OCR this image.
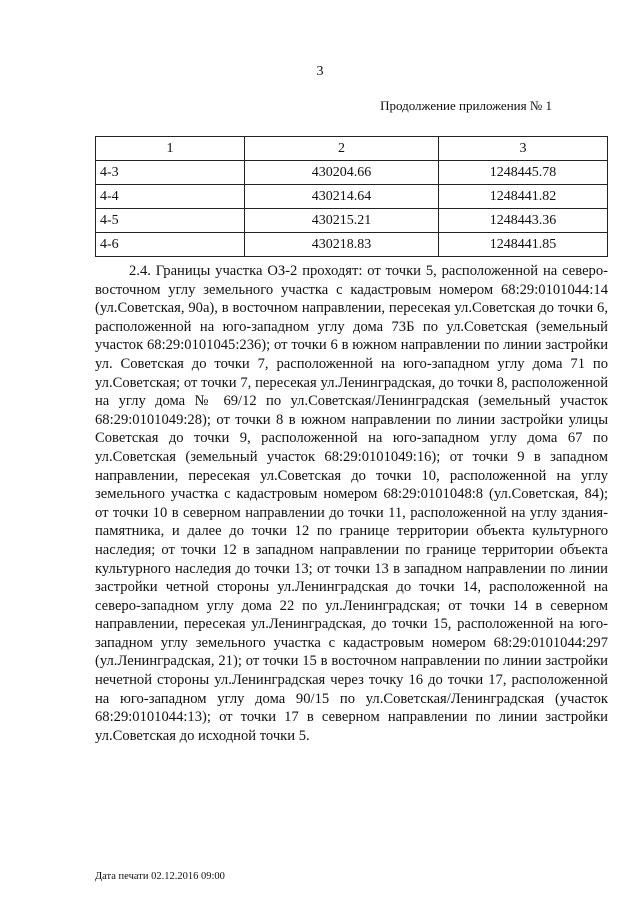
3
Продолжение приложения № 1
1	2	3
4-3	430204.66	1248445.78
4-4	430214.64	1248441.82
4-5	430215.21	1248443.36
4-6	430218.83	1248441.85

2.4. Границы участка ОЗ-2 проходят: от точки 5, расположенной на северо-восточном углу земельного участка с кадастровым номером 68:29:0101044:14 (ул.Советская, 90а), в восточном направлении, пересекая ул.Советская до точки 6, расположенной на юго-западном углу дома 73Б по ул.Советская (земельный участок 68:29:0101045:236); от точки 6 в южном направлении по линии застройки ул. Советская до точки 7, расположенной на юго-западном углу дома 71 по ул.Советская; от точки 7, пересекая ул.Ленинградская, до точки 8, расположенной на углу дома № 69/12 по ул.Советская/Ленинградская (земельный участок 68:29:0101049:28); от точки 8 в южном направлении по линии застройки улицы Советская до точки 9, расположенной на юго-западном углу дома 67 по ул.Советская (земельный участок 68:29:0101049:16); от точки 9 в западном направлении, пересекая ул.Советская до точки 10, расположенной на углу земельного участка с кадастровым номером 68:29:0101048:8 (ул.Советская, 84); от точки 10 в северном направлении до точки 11, расположенной на углу здания-памятника, и далее до точки 12 по границе территории объекта культурного наследия; от точки 12 в западном направлении по границе территории объекта культурного наследия до точки 13; от точки 13 в западном направлении по линии застройки четной стороны ул.Ленинградская до точки 14, расположенной на северо-западном углу дома 22 по ул.Ленинградская; от точки 14 в северном направлении, пересекая ул.Ленинградская, до точки 15, расположенной на юго-западном углу земельного участка с кадастровым номером 68:29:0101044:297 (ул.Ленинградская, 21); от точки 15 в восточном направлении по линии застройки нечетной стороны ул.Ленинградская через точку 16 до точки 17, расположенной на юго-западном углу дома 90/15 по ул.Советская/Ленинградская (участок 68:29:0101044:13); от точки 17 в северном направлении по линии застройки ул.Советская до исходной точки 5.

Дата печати 02.12.2016 09:00
